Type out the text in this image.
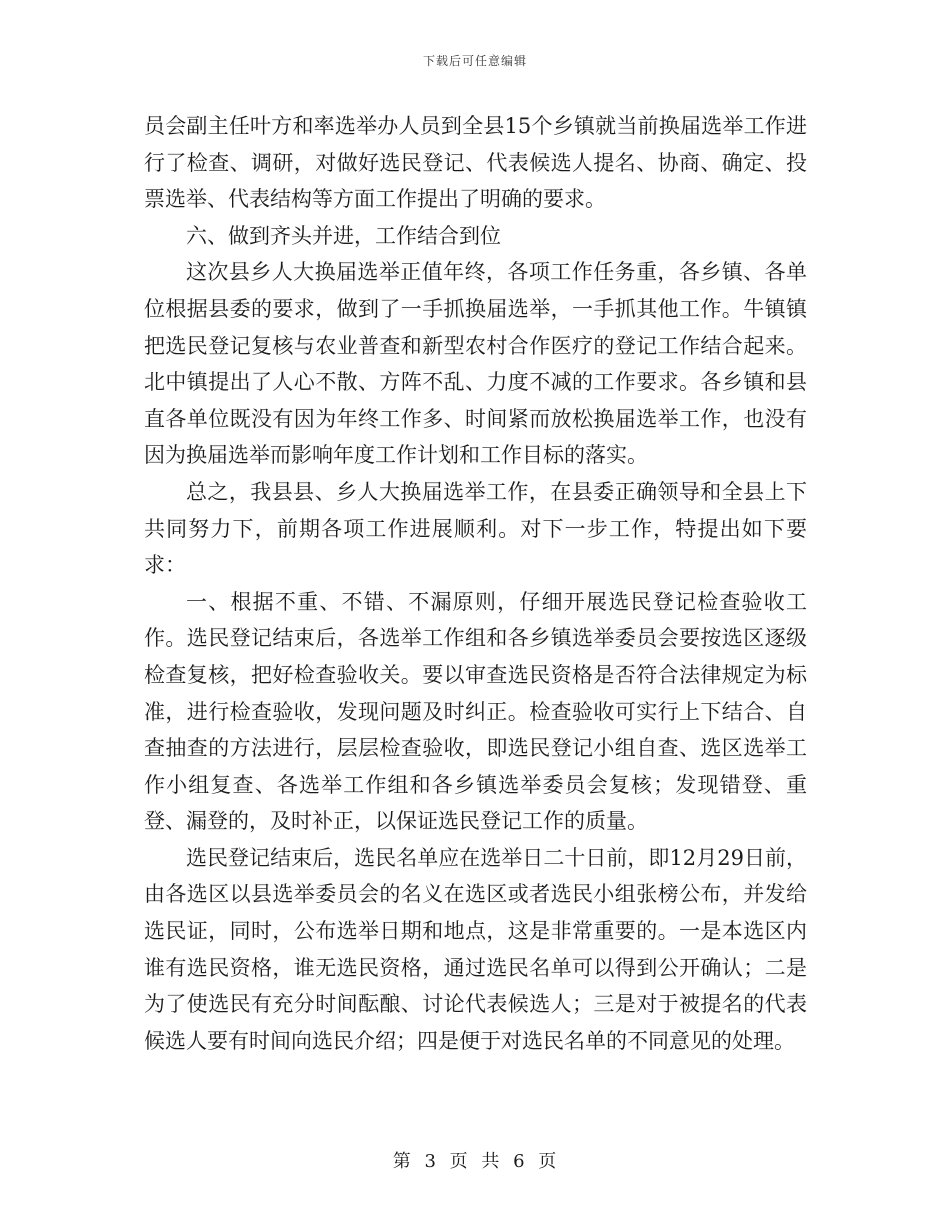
下载后可任意编辑

员会副主任叶方和率选举办人员到全县15个乡镇就当前换届选举工作进行了检查、调研，对做好选民登记、代表候选人提名、协商、确定、投票选举、代表结构等方面工作提出了明确的要求。

六、做到齐头并进，工作结合到位

这次县乡人大换届选举正值年终，各项工作任务重，各乡镇、各单位根据县委的要求，做到了一手抓换届选举，一手抓其他工作。牛镇镇把选民登记复核与农业普查和新型农村合作医疗的登记工作结合起来。北中镇提出了人心不散、方阵不乱、力度不减的工作要求。各乡镇和县直各单位既没有因为年终工作多、时间紧而放松换届选举工作，也没有因为换届选举而影响年度工作计划和工作目标的落实。

总之，我县县、乡人大换届选举工作，在县委正确领导和全县上下共同努力下，前期各项工作进展顺利。对下一步工作，特提出如下要求：

一、根据不重、不错、不漏原则，仔细开展选民登记检查验收工作。选民登记结束后，各选举工作组和各乡镇选举委员会要按选区逐级检查复核，把好检查验收关。要以审查选民资格是否符合法律规定为标准，进行检查验收，发现问题及时纠正。检查验收可实行上下结合、自查抽查的方法进行，层层检查验收，即选民登记小组自查、选区选举工作小组复查、各选举工作组和各乡镇选举委员会复核；发现错登、重登、漏登的，及时补正，以保证选民登记工作的质量。

选民登记结束后，选民名单应在选举日二十日前，即12月29日前，由各选区以县选举委员会的名义在选区或者选民小组张榜公布，并发给选民证，同时，公布选举日期和地点，这是非常重要的。一是本选区内谁有选民资格，谁无选民资格，通过选民名单可以得到公开确认；二是为了使选民有充分时间酝酿、讨论代表候选人；三是对于被提名的代表候选人要有时间向选民介绍；四是便于对选民名单的不同意见的处理。

第 3 页 共 6 页
